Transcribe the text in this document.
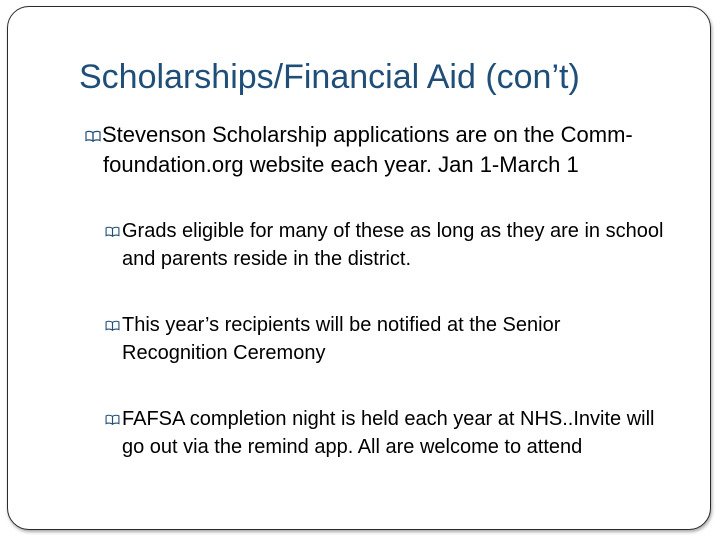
Scholarships/Financial Aid (con’t)
Stevenson Scholarship applications are on the Comm-foundation.org website each year. Jan 1-March 1
Grads eligible for many of these as long as they are in school and parents reside in the district.
This year’s recipients will be notified at the Senior Recognition Ceremony
FAFSA completion night is held each year at NHS..Invite will go out via the remind app. All are welcome to attend
